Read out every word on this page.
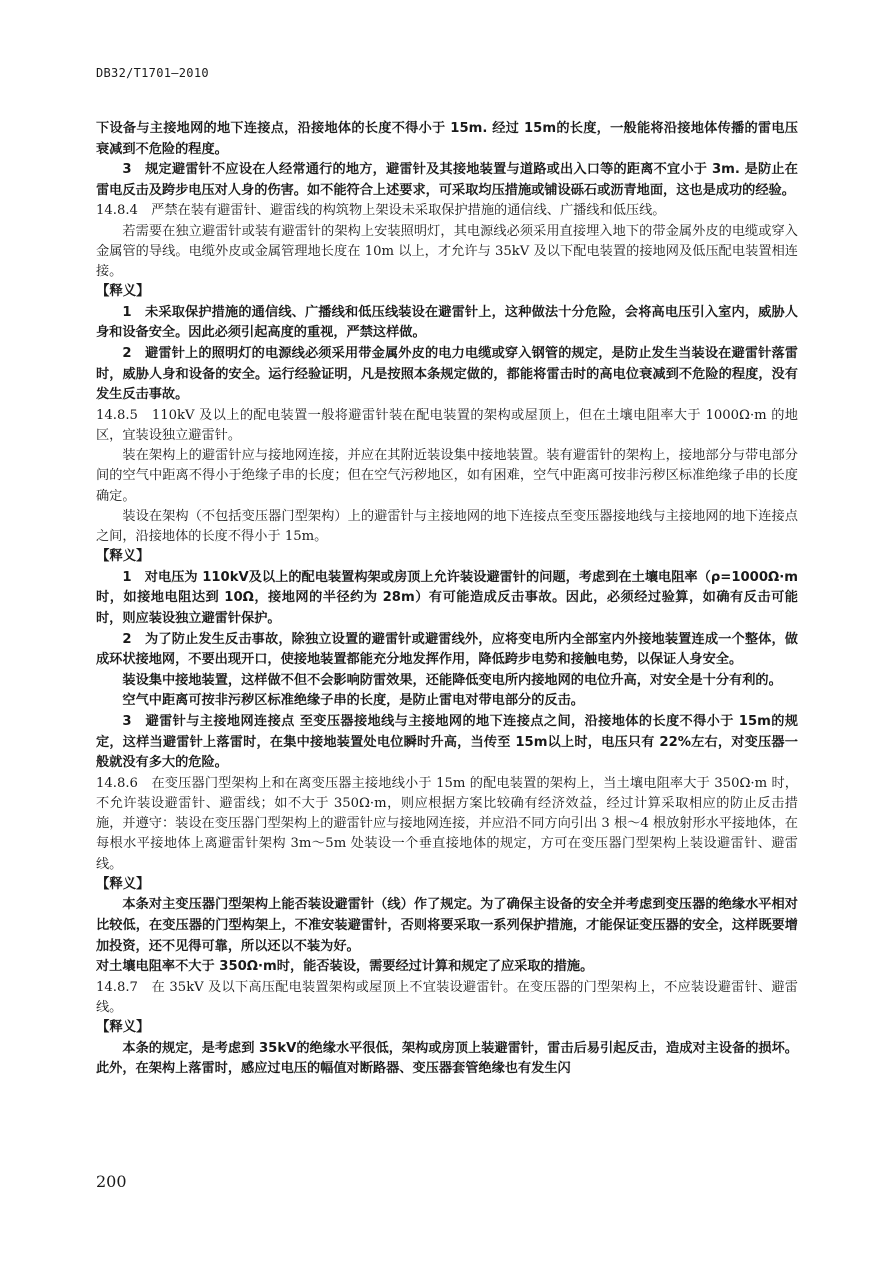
DB32/T1701—2010

下设备与主接地网的地下连接点，沿接地体的长度不得小于 15m. 经过 15m的长度，一般能将沿接地体传播的雷电压衰减到不危险的程度。

3　规定避雷针不应设在人经常通行的地方，避雷针及其接地装置与道路或出入口等的距离不宜小于 3m. 是防止在雷电反击及跨步电压对人身的伤害。如不能符合上述要求，可采取均压措施或铺设砾石或沥青地面，这也是成功的经验。

14.8.4　严禁在装有避雷针、避雷线的构筑物上架设未采取保护措施的通信线、广播线和低压线。

若需要在独立避雷针或装有避雷针的架构上安装照明灯，其电源线必须采用直接埋入地下的带金属外皮的电缆或穿入金属管的导线。电缆外皮或金属管理地长度在 10m 以上，才允许与 35kV 及以下配电装置的接地网及低压配电装置相连接。

【释义】

1　未采取保护措施的通信线、广播线和低压线装设在避雷针上，这种做法十分危险，会将高电压引入室内，威胁人身和设备安全。因此必须引起高度的重视，严禁这样做。

2　避雷针上的照明灯的电源线必须采用带金属外皮的电力电缆或穿入钢管的规定，是防止发生当装设在避雷针落雷时，威胁人身和设备的安全。运行经验证明，凡是按照本条规定做的，都能将雷击时的高电位衰减到不危险的程度，没有发生反击事故。

14.8.5　110kV 及以上的配电装置一般将避雷针装在配电装置的架构或屋顶上，但在土壤电阻率大于 1000Ω·m 的地区，宜装设独立避雷针。

装在架构上的避雷针应与接地网连接，并应在其附近装设集中接地装置。装有避雷针的架构上，接地部分与带电部分间的空气中距离不得小于绝缘子串的长度；但在空气污秽地区，如有困难，空气中距离可按非污秽区标准绝缘子串的长度确定。

装设在架构（不包括变压器门型架构）上的避雷针与主接地网的地下连接点至变压器接地线与主接地网的地下连接点之间，沿接地体的长度不得小于 15m。

【释义】

1　对电压为 110kV及以上的配电装置构架或房顶上允许装设避雷针的问题，考虑到在土壤电阻率（ρ=1000Ω·m时，如接地电阻达到 10Ω，接地网的半径约为 28m）有可能造成反击事故。因此，必须经过验算，如确有反击可能时，则应装设独立避雷针保护。

2　为了防止发生反击事故，除独立设置的避雷针或避雷线外，应将变电所内全部室内外接地装置连成一个整体，做成环状接地网，不要出现开口，使接地装置都能充分地发挥作用，降低跨步电势和接触电势，以保证人身安全。

装设集中接地装置，这样做不但不会影响防雷效果，还能降低变电所内接地网的电位升高，对安全是十分有利的。

空气中距离可按非污秽区标准绝缘子串的长度，是防止雷电对带电部分的反击。

3　避雷针与主接地网连接点 至变压器接地线与主接地网的地下连接点之间，沿接地体的长度不得小于 15m的规定，这样当避雷针上落雷时，在集中接地装置处电位瞬时升高，当传至 15m以上时，电压只有 22%左右，对变压器一般就没有多大的危险。

14.8.6　在变压器门型架构上和在离变压器主接地线小于 15m 的配电装置的架构上，当土壤电阻率大于 350Ω·m 时，不允许装设避雷针、避雷线；如不大于 350Ω·m，则应根据方案比较确有经济效益，经过计算采取相应的防止反击措施，并遵守：装设在变压器门型架构上的避雷针应与接地网连接，并应沿不同方向引出 3 根～4 根放射形水平接地体，在每根水平接地体上离避雷针架构 3m～5m 处装设一个垂直接地体的规定，方可在变压器门型架构上装设避雷针、避雷线。

【释义】

本条对主变压器门型架构上能否装设避雷针（线）作了规定。为了确保主设备的安全并考虑到变压器的绝缘水平相对比较低，在变压器的门型构架上，不准安装避雷针，否则将要采取一系列保护措施，才能保证变压器的安全，这样既要增加投资，还不见得可靠，所以还以不装为好。

对土壤电阻率不大于 350Ω·m时，能否装设，需要经过计算和规定了应采取的措施。

14.8.7　在 35kV 及以下高压配电装置架构或屋顶上不宜装设避雷针。在变压器的门型架构上，不应装设避雷针、避雷线。

【释义】

本条的规定，是考虑到 35kV的绝缘水平很低，架构或房顶上装避雷针，雷击后易引起反击，造成对主设备的损坏。此外，在架构上落雷时，感应过电压的幅值对断路器、变压器套管绝缘也有发生闪

200
